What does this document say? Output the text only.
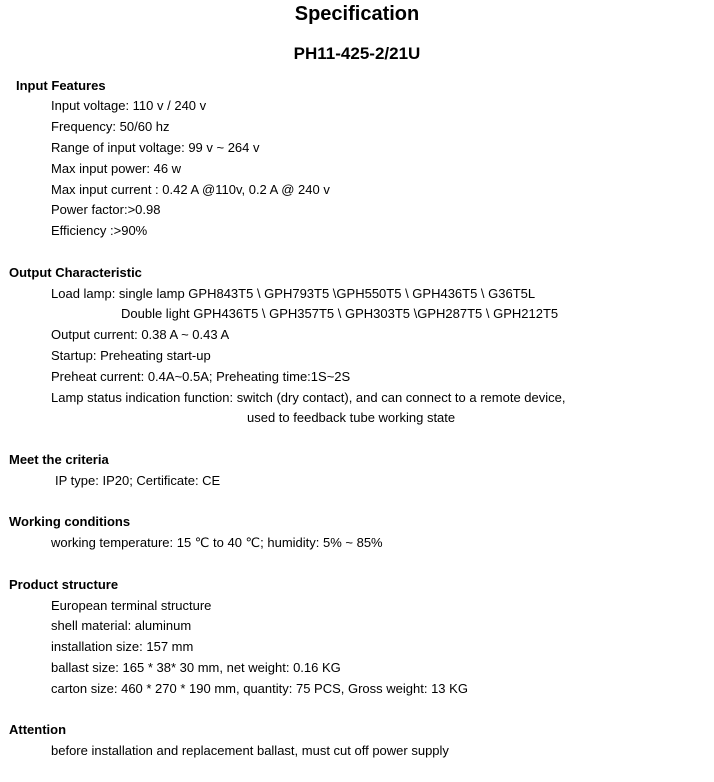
Specification
PH11-425-2/21U
Input Features
Input voltage: 110 v / 240 v
Frequency: 50/60 hz
Range of input voltage: 99 v ~ 264 v
Max input power: 46 w
Max input current : 0.42 A @110v, 0.2 A @ 240 v
Power factor:>0.98
Efficiency :>90%
Output Characteristic
Load lamp: single lamp GPH843T5 \ GPH793T5 \GPH550T5 \ GPH436T5 \ G36T5L
Double light GPH436T5 \ GPH357T5 \ GPH303T5 \GPH287T5 \ GPH212T5
Output current: 0.38 A ~ 0.43 A
Startup: Preheating start-up
Preheat current: 0.4A~0.5A; Preheating time:1S~2S
Lamp status indication function: switch (dry contact), and can connect to a remote device,
used to feedback tube working state
Meet the criteria
IP type: IP20; Certificate: CE
Working conditions
working temperature: 15 ℃ to 40 ℃; humidity: 5% ~ 85%
Product structure
European terminal structure
shell material: aluminum
installation size: 157 mm
ballast size: 165 * 38* 30 mm, net weight: 0.16 KG
carton size: 460 * 270 * 190 mm, quantity: 75 PCS, Gross weight: 13 KG
Attention
before installation and replacement ballast, must cut off power supply
